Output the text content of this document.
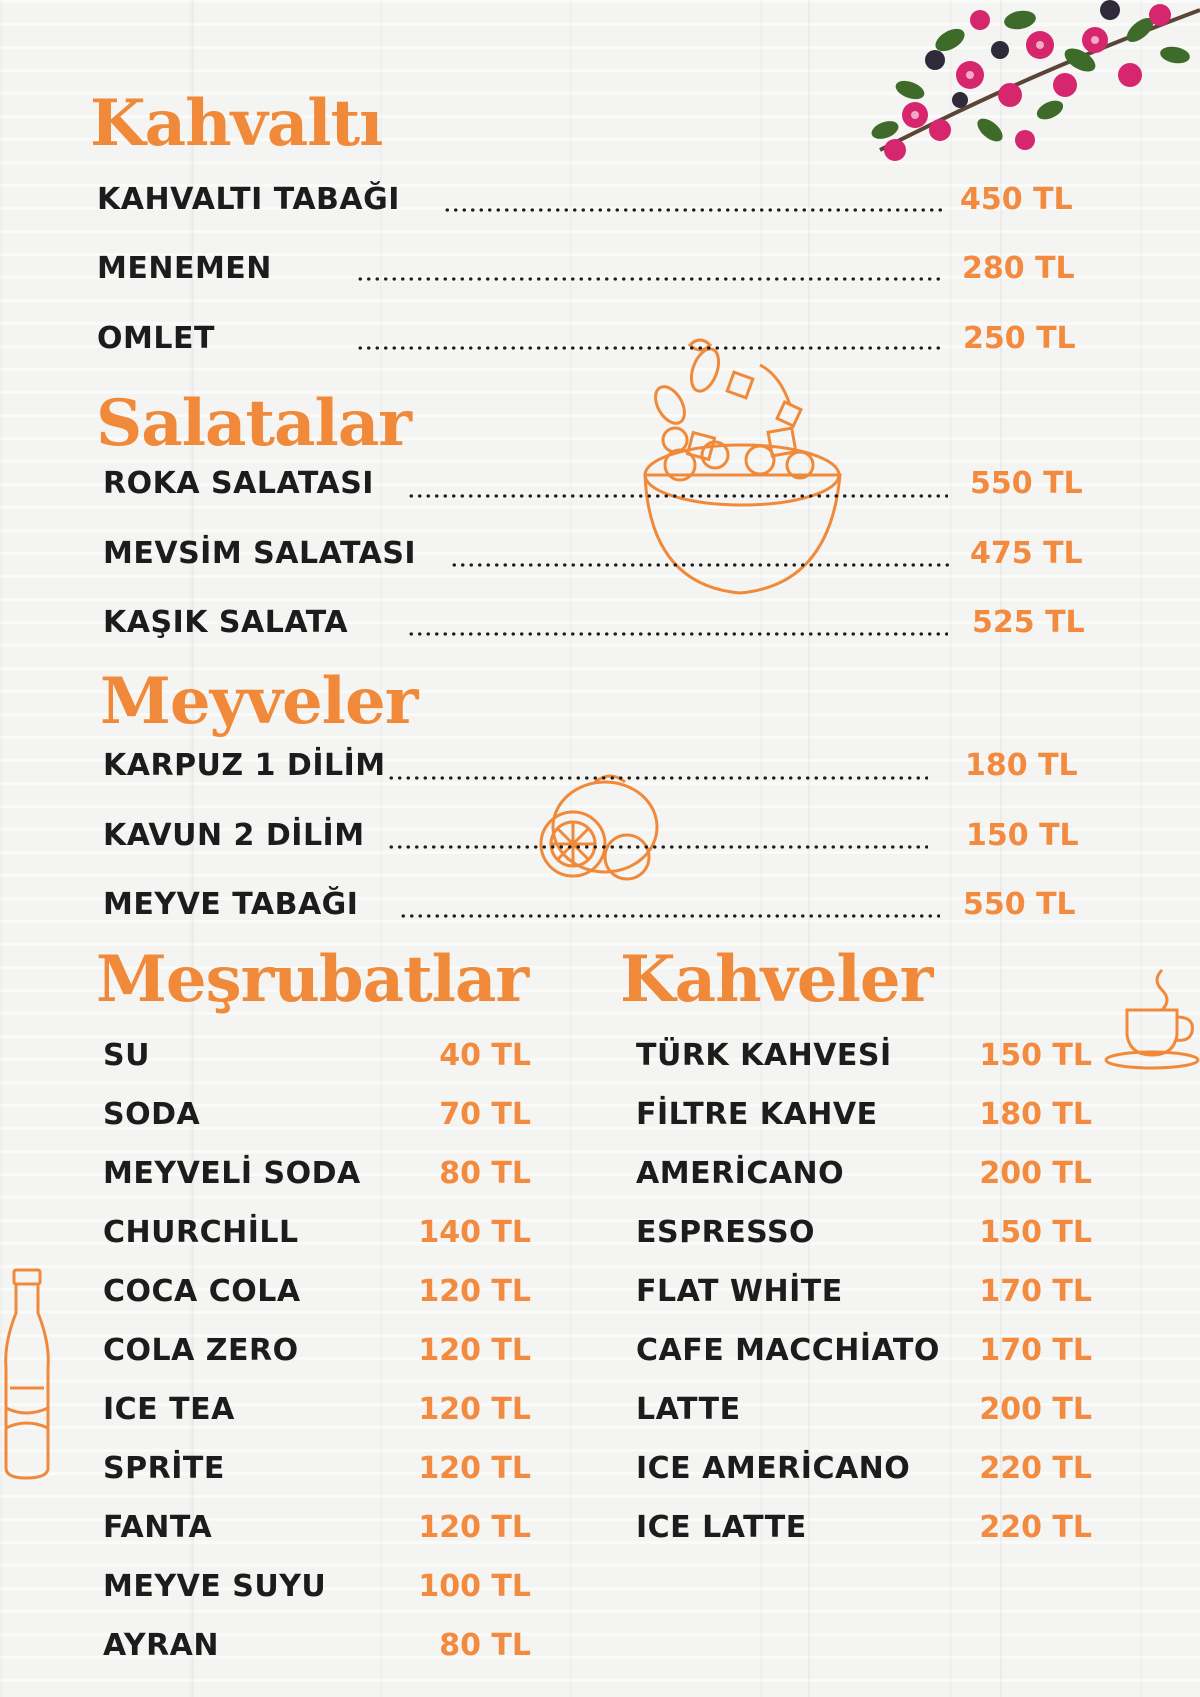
Kahvaltı
KAHVALTI TABAĞI	450 TL
MENEMEN	280 TL
OMLET	250 TL
Salatalar
ROKA SALATASI	550 TL
MEVSİM SALATASI	475 TL
KAŞIK SALATA	525 TL
Meyveler
KARPUZ 1 DİLİM	180 TL
KAVUN 2 DİLİM	150 TL
MEYVE TABAĞI	550 TL
Meşrubatlar
SU	40 TL
SODA	70 TL
MEYVELİ SODA	80 TL
CHURCHİLL	140 TL
COCA COLA	120 TL
COLA ZERO	120 TL
ICE TEA	120 TL
SPRİTE	120 TL
FANTA	120 TL
MEYVE SUYU	100 TL
AYRAN	80 TL
Kahveler
TÜRK KAHVESİ	150 TL
FİLTRE KAHVE	180 TL
AMERİCANO	200 TL
ESPRESSO	150 TL
FLAT WHİTE	170 TL
CAFE MACCHİATO 170 TL
LATTE	200 TL
ICE AMERİCANO 220 TL
ICE LATTE	220 TL
